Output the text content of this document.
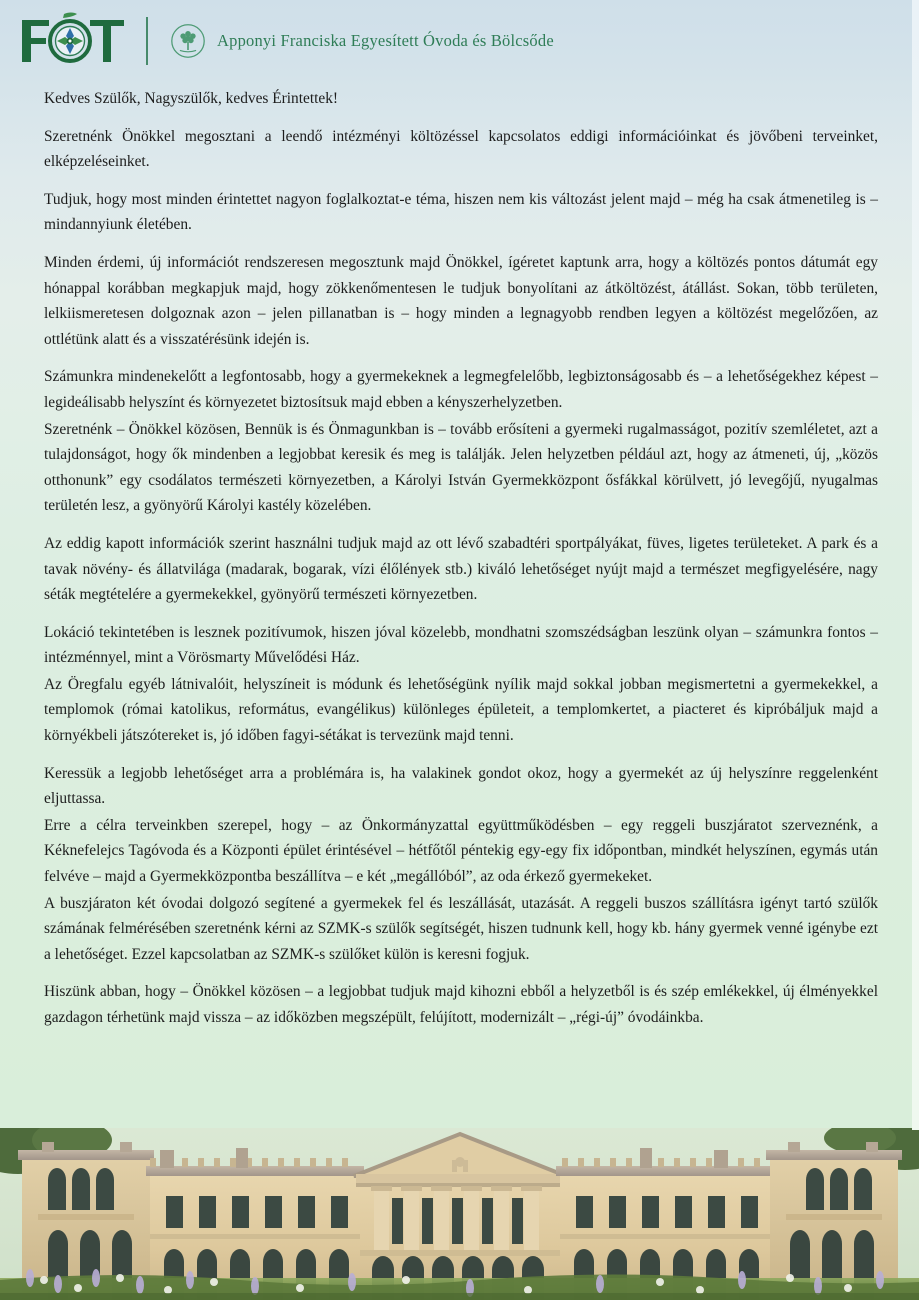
Apponyi Franciska Egyesített Óvoda és Bölcsőde

Kedves Szülők, Nagyszülők, kedves Érintettek!

Szeretnénk Önökkel megosztani a leendő intézményi költözéssel kapcsolatos eddigi információinkat és jövőbeni terveinket, elképzeléseinket.

Tudjuk, hogy most minden érintettet nagyon foglalkoztat-e téma, hiszen nem kis változást jelent majd – még ha csak átmenetileg is – mindannyiunk életében.

Minden érdemi, új információt rendszeresen megosztunk majd Önökkel, ígéretet kaptunk arra, hogy a költözés pontos dátumát egy hónappal korábban megkapjuk majd, hogy zökkenőmentesen le tudjuk bonyolítani az átköltözést, átállást. Sokan, több területen, lelkiismeretesen dolgoznak azon – jelen pillanatban is – hogy minden a legnagyobb rendben legyen a költözést megelőzően, az ottlétünk alatt és a visszatérésünk idején is.

Számunkra mindenekelőtt a legfontosabb, hogy a gyermekeknek a legmegfelelőbb, legbiztonságosabb és – a lehetőségekhez képest – legideálisabb helyszínt és környezetet biztosítsuk majd ebben a kényszerhelyzetben.

Szeretnénk – Önökkel közösen, Bennük is és Önmagunkban is – tovább erősíteni a gyermeki rugalmasságot, pozitív szemléletet, azt a tulajdonságot, hogy ők mindenben a legjobbat keresik és meg is találják. Jelen helyzetben például azt, hogy az átmeneti, új, „közös otthonunk” egy csodálatos természeti környezetben, a Károlyi István Gyermekközpont ősfákkal körülvett, jó levegőjű, nyugalmas területén lesz, a gyönyörű Károlyi kastély közelében.

Az eddig kapott információk szerint használni tudjuk majd az ott lévő szabadtéri sportpályákat, füves, ligetes területeket. A park és a tavak növény- és állatvilága (madarak, bogarak, vízi élőlények stb.) kiváló lehetőséget nyújt majd a természet megfigyelésére, nagy séták megtételére a gyermekekkel, gyönyörű természeti környezetben.

Lokáció tekintetében is lesznek pozitívumok, hiszen jóval közelebb, mondhatni szomszédságban leszünk olyan – számunkra fontos – intézménnyel, mint a Vörösmarty Művelődési Ház.

Az Öregfalu egyéb látnivalóit, helyszíneit is módunk és lehetőségünk nyílik majd sokkal jobban megismertetni a gyermekekkel, a templomok (római katolikus, református, evangélikus) különleges épületeit, a templomkertet, a piacteret és kipróbáljuk majd a környékbeli játszótereket is, jó időben fagyi-sétákat is tervezünk majd tenni.

Keressük a legjobb lehetőséget arra a problémára is, ha valakinek gondot okoz, hogy a gyermekét az új helyszínre reggelenként eljuttassa.

Erre a célra terveinkben szerepel, hogy – az Önkormányzattal együttműködésben – egy reggeli buszjáratot szerveznénk, a Kéknefelejcs Tagóvoda és a Központi épület érintésével – hétfőtől péntekig egy-egy fix időpontban, mindkét helyszínen, egymás után felvéve – majd a Gyermekközpontba beszállítva – e két „megállóból”, az oda érkező gyermekeket.

A buszjáraton két óvodai dolgozó segítené a gyermekek fel és leszállását, utazását. A reggeli buszos szállításra igényt tartó szülők számának felmérésében szeretnénk kérni az SZMK-s szülők segítségét, hiszen tudnunk kell, hogy kb. hány gyermek venné igénybe ezt a lehetőséget. Ezzel kapcsolatban az SZMK-s szülőket külön is keresni fogjuk.

Hiszünk abban, hogy – Önökkel közösen – a legjobbat tudjuk majd kihozni ebből a helyzetből is és szép emlékekkel, új élményekkel gazdagon térhetünk majd vissza – az időközben megszépült, felújított, modernizált – „régi-új” óvodáinkba.
